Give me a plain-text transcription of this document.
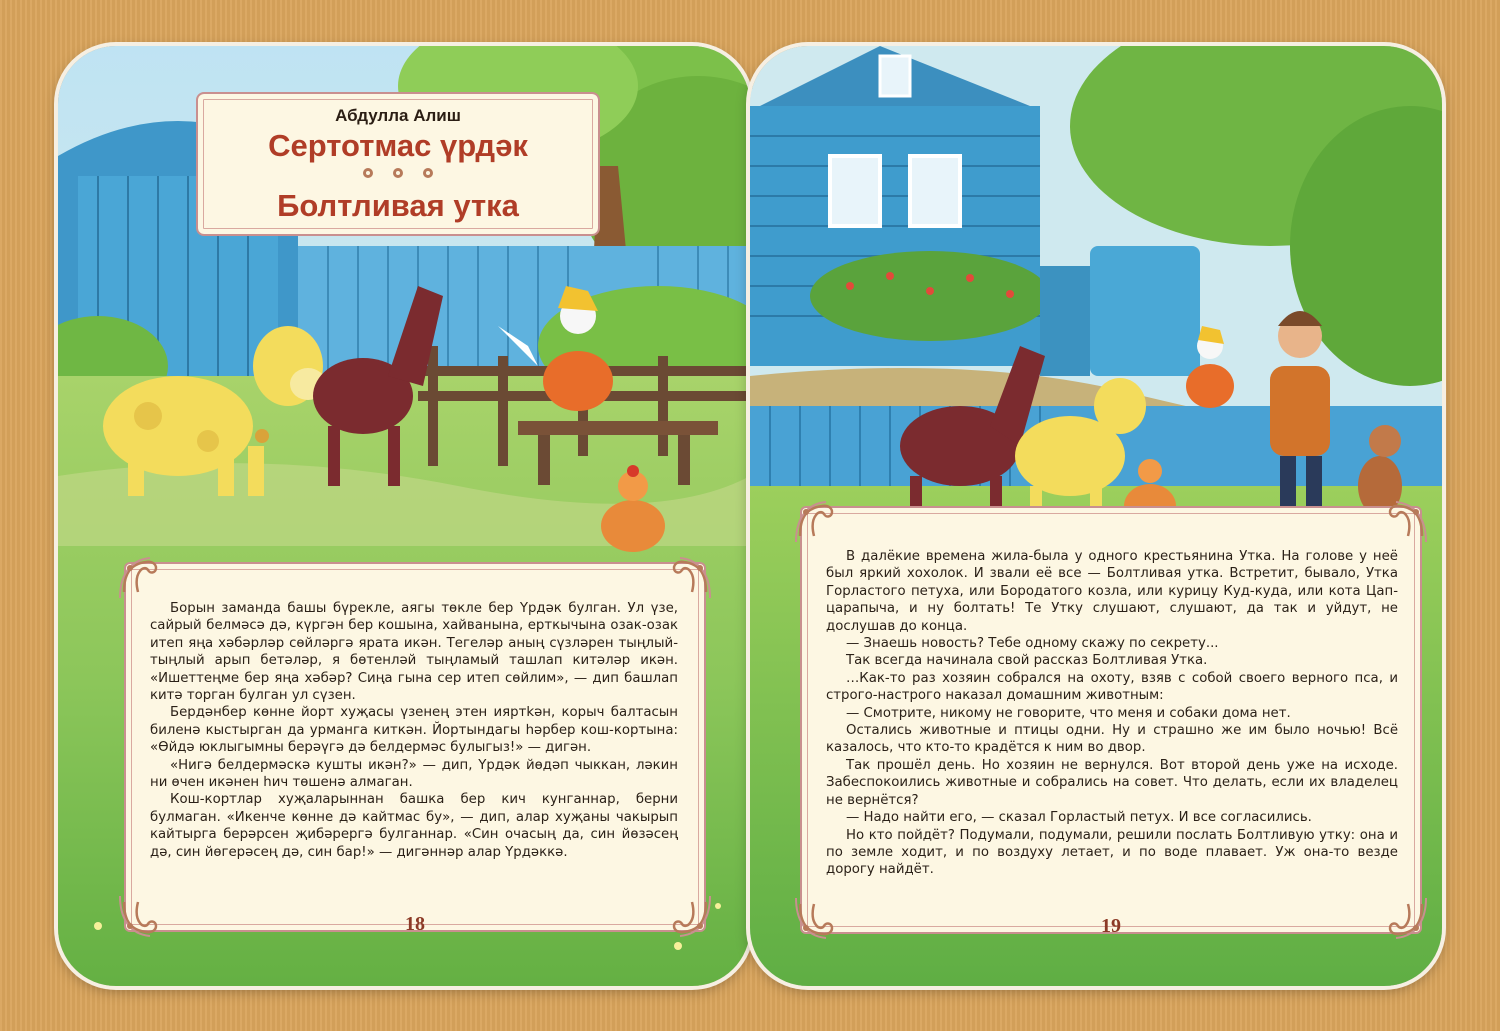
Абдулла Алиш
Сертотмас үрдәк
Болтливая утка

Борын заманда башы бүрекле, аягы төкле бер Үрдәк булган. Ул үзе, сайрый белмәсә дә, күргән бер кошына, хайванына, ерткычына озак-озак итеп яңа хәбәрләр сөйләргә ярата икән. Тегеләр аның сүзләрен тыңлый-тыңлый арып бетәләр, я бөтенләй тыңламый ташлап китәләр икән. «Ишеттеңме бер яңа хәбәр? Сиңа гына сер итеп сөйлим», — дип башлап китә торган булган ул сүзен.

Бердәнбер көнне йорт хуҗасы үзенең этен ияртkән, корыч балтасын биленә кыстырган да урманга киткән. Йортындагы һәрбер кош-кортына: «Өйдә юклыгымны берәүгә дә белдермәс булыгыз!» — дигән.

«Нигә белдермәскә кушты икән?» — дип, Үрдәк йөдәп чыккан, ләкин ни өчен икәнен һич төшенә алмаган.

Кош-кортлар хуҗаларыннан башка бер кич кунганнар, берни булмаган. «Икенче көнне дә кайтмас бу», — дип, алар хуҗаны чакырып кайтырга берәрсен җибәрергә булганнар. «Син очасың да, син йөзәсең дә, син йөгерәсең дә, син бар!» — дигәннәр алар Үрдәккә.

18

В далёкие времена жила-была у одного крестьянина Утка. На голове у неё был яркий хохолок. И звали её все — Болтливая утка. Встретит, бывало, Утка Горластого петуха, или Бородатого козла, или курицу Куд-куда, или кота Цап-царапыча, и ну болтать! Те Утку слушают, слушают, да так и уйдут, не дослушав до конца.

— Знаешь новость? Тебе одному скажу по секрету...

Так всегда начинала свой рассказ Болтливая Утка.

…Как-то раз хозяин собрался на охоту, взяв с собой своего верного пса, и строго-настрого наказал домашним животным:

— Смотрите, никому не говорите, что меня и собаки дома нет.

Остались животные и птицы одни. Ну и страшно же им было ночью! Всё казалось, что кто-то крадётся к ним во двор.

Так прошёл день. Но хозяин не вернулся. Вот второй день уже на исходе. Забеспокоились животные и собрались на совет. Что делать, если их владелец не вернётся?

— Надо найти его, — сказал Горластый петух. И все согласились.

Но кто пойдёт? Подумали, подумали, решили послать Болтливую утку: она и по земле ходит, и по воздуху летает, и по воде плавает. Уж она-то везде дорогу найдёт.

19
